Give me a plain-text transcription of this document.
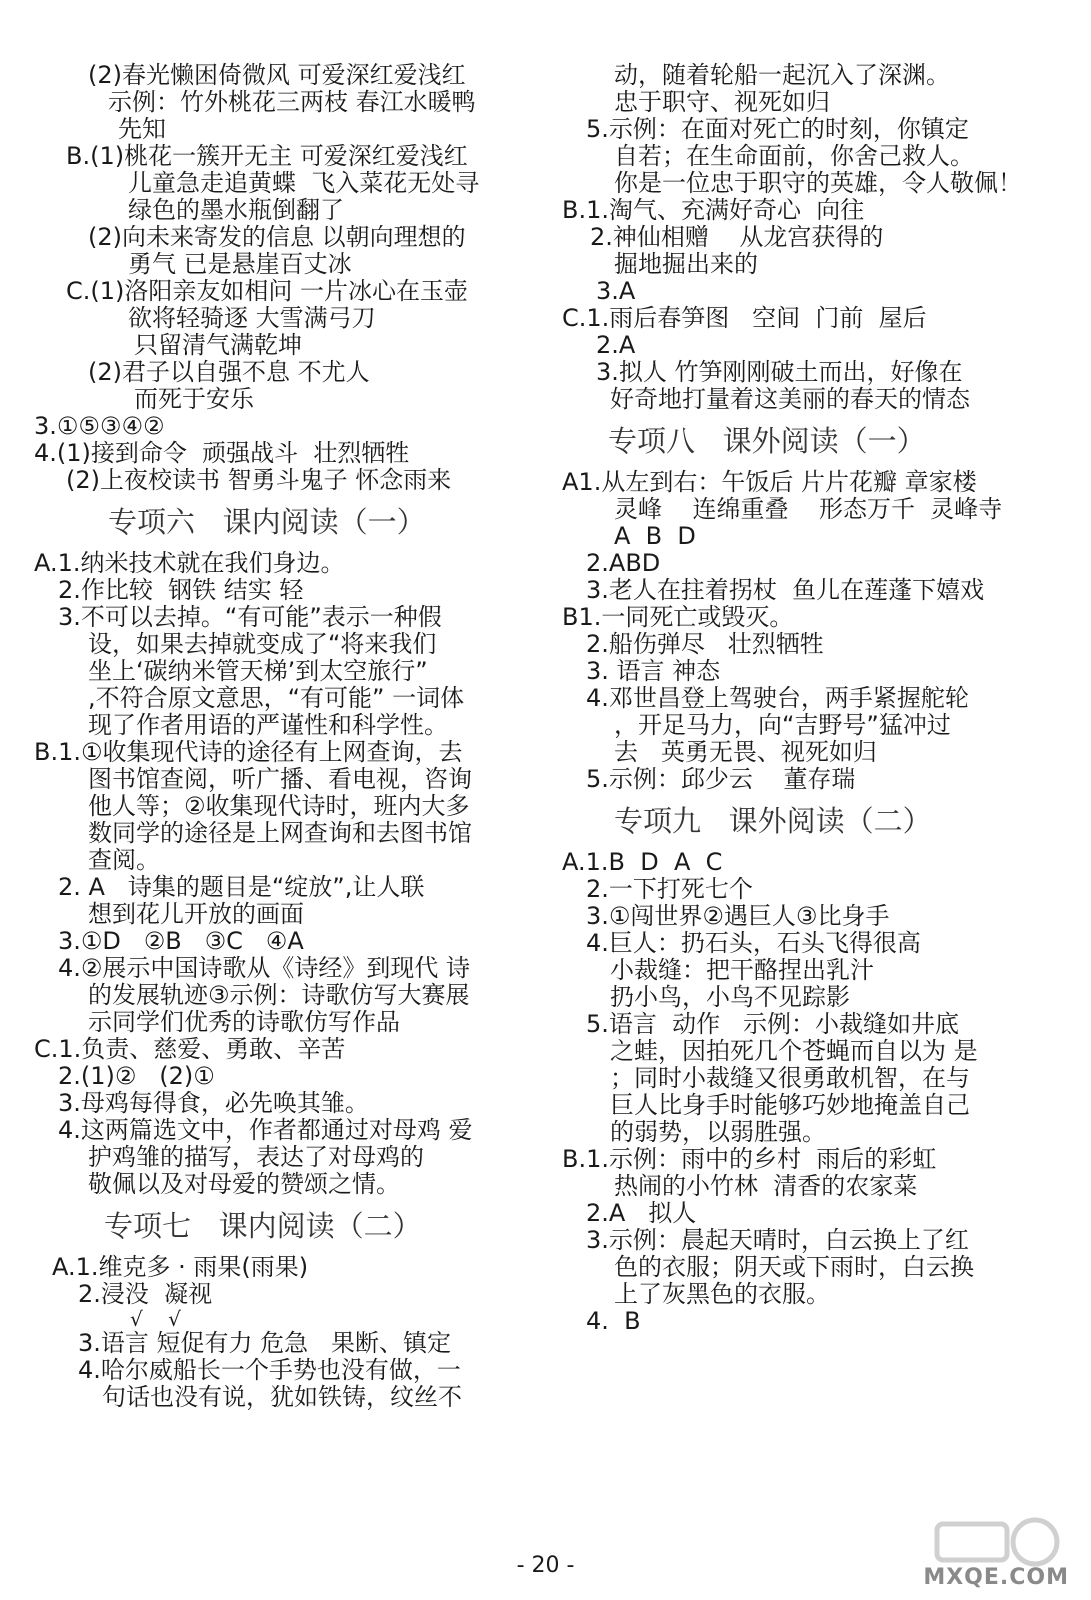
(2)春光懒困倚微风 可爱深红爱浅红
示例：竹外桃花三两枝 春江水暖鸭
先知
B.(1)桃花一簇开无主 可爱深红爱浅红
儿童急走追黄蝶  飞入菜花无处寻
绿色的墨水瓶倒翻了
(2)向未来寄发的信息 以朝向理想的
勇气 已是悬崖百丈冰
C.(1)洛阳亲友如相问 一片冰心在玉壶
欲将轻骑逐 大雪满弓刀
只留清气满乾坤
(2)君子以自强不息 不尤人
而死于安乐
3.①⑤③④②
4.(1)接到命令  顽强战斗  壮烈牺牲
(2)上夜校读书 智勇斗鬼子 怀念雨来
专项六   课内阅读（一）
A.1.纳米技术就在我们身边。
2.作比较  钢铁 结实 轻
3.不可以去掉。“有可能”表示一种假
设，如果去掉就变成了“将来我们
坐上‘碳纳米管天梯’到太空旅行”
,不符合原文意思，“有可能” 一词体
现了作者用语的严谨性和科学性。
B.1.①收集现代诗的途径有上网查询，去
图书馆查阅，听广播、看电视，咨询
他人等；②收集现代诗时，班内大多
数同学的途径是上网查询和去图书馆
查阅。
2. A   诗集的题目是“绽放”,让人联
想到花儿开放的画面
3.①D   ②B   ③C   ④A
4.②展示中国诗歌从《诗经》到现代 诗
的发展轨迹③示例：诗歌仿写大赛展
示同学们优秀的诗歌仿写作品
C.1.负责、慈爱、勇敢、辛苦
2.(1)②   (2)①
3.母鸡每得食，必先唤其雏。
4.这两篇选文中，作者都通过对母鸡 爱
护鸡雏的描写，表达了对母鸡的
敬佩以及对母爱的赞颂之情。
专项七   课内阅读（二）
A.1.维克多 · 雨果(雨果)
2.浸没  凝视
√    √
3.语言 短促有力 危急   果断、镇定
4.哈尔威船长一个手势也没有做，一
句话也没有说，犹如铁铸，纹丝不
动，随着轮船一起沉入了深渊。
忠于职守、视死如归
5.示例：在面对死亡的时刻，你镇定
自若；在生命面前，你舍己救人。
你是一位忠于职守的英雄，令人敬佩！
B.1.淘气、充满好奇心  向往
2.神仙相赠    从龙宫获得的
掘地掘出来的
3.A
C.1.雨后春笋图   空间  门前  屋后
2.A
3.拟人 竹笋刚刚破土而出，好像在
好奇地打量着这美丽的春天的情态
专项八   课外阅读（一）
A1.从左到右：午饭后 片片花瓣 章家楼
灵峰    连绵重叠    形态万千  灵峰寺
A  B  D
2.ABD
3.老人在拄着拐杖  鱼儿在莲蓬下嬉戏
B1.一同死亡或毁灭。
2.船伤弹尽   壮烈牺牲
3. 语言 神态
4.邓世昌登上驾驶台，两手紧握舵轮
，开足马力，向“吉野号”猛冲过
去   英勇无畏、视死如归
5.示例：邱少云    董存瑞
专项九   课外阅读（二）
A.1.B  D  A  C
2.一下打死七个
3.①闯世界②遇巨人③比身手
4.巨人：扔石头，石头飞得很高
小裁缝：把干酪捏出乳汁
扔小鸟，小鸟不见踪影
5.语言  动作   示例：小裁缝如井底
之蛙，因拍死几个苍蝇而自以为 是
；同时小裁缝又很勇敢机智，在与
巨人比身手时能够巧妙地掩盖自己
的弱势，以弱胜强。
B.1.示例：雨中的乡村  雨后的彩虹
热闹的小竹林  清香的农家菜
2.A   拟人
3.示例：晨起天晴时，白云换上了红
色的衣服；阴天或下雨时，白云换
上了灰黑色的衣服。
4.  B
- 20 -	MXQE.COM
